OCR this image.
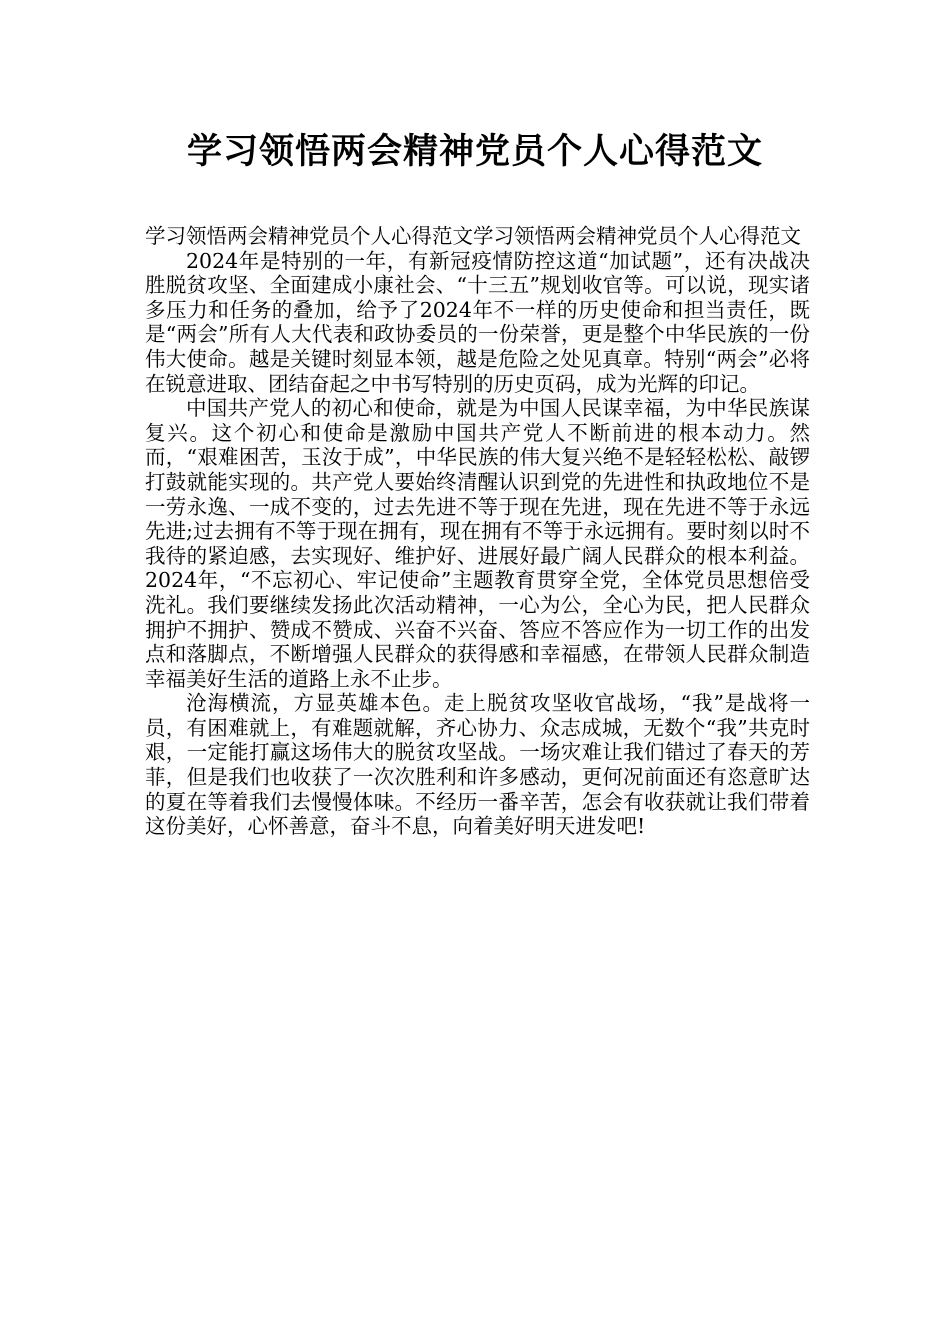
学习领悟两会精神党员个人心得范文

学习领悟两会精神党员个人心得范文学习领悟两会精神党员个人心得范文

2024年是特别的一年，有新冠疫情防控这道“加试题”，还有决战决胜脱贫攻坚、全面建成小康社会、“十三五”规划收官等。可以说，现实诸多压力和任务的叠加，给予了2024年不一样的历史使命和担当责任，既是“两会”所有人大代表和政协委员的一份荣誉，更是整个中华民族的一份伟大使命。越是关键时刻显本领，越是危险之处见真章。特别“两会”必将在锐意进取、团结奋起之中书写特别的历史页码，成为光辉的印记。

中国共产党人的初心和使命，就是为中国人民谋幸福，为中华民族谋复兴。这个初心和使命是激励中国共产党人不断前进的根本动力。然而，“艰难困苦，玉汝于成”，中华民族的伟大复兴绝不是轻轻松松、敲锣打鼓就能实现的。共产党人要始终清醒认识到党的先进性和执政地位不是一劳永逸、一成不变的，过去先进不等于现在先进，现在先进不等于永远先进;过去拥有不等于现在拥有，现在拥有不等于永远拥有。要时刻以时不我待的紧迫感，去实现好、维护好、进展好最广阔人民群众的根本利益。2024年，“不忘初心、牢记使命”主题教育贯穿全党，全体党员思想倍受洗礼。我们要继续发扬此次活动精神，一心为公，全心为民，把人民群众拥护不拥护、赞成不赞成、兴奋不兴奋、答应不答应作为一切工作的出发点和落脚点，不断增强人民群众的获得感和幸福感，在带领人民群众制造幸福美好生活的道路上永不止步。

沧海横流，方显英雄本色。走上脱贫攻坚收官战场，“我”是战将一员，有困难就上，有难题就解，齐心协力、众志成城，无数个“我”共克时艰，一定能打赢这场伟大的脱贫攻坚战。一场灾难让我们错过了春天的芳菲，但是我们也收获了一次次胜利和许多感动，更何况前面还有恣意旷达的夏在等着我们去慢慢体味。不经历一番辛苦，怎会有收获就让我们带着这份美好，心怀善意，奋斗不息，向着美好明天进发吧!
